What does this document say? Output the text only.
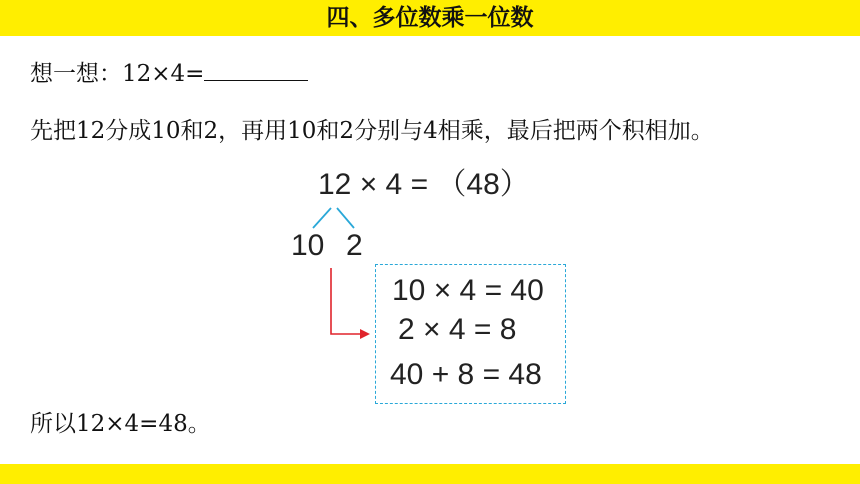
四、多位数乘一位数
想一想：12×4=
先把12分成10和2，再用10和2分别与4相乘，最后把两个积相加。
12 × 4 = （48）
10 2
10 × 4 = 40
2 × 4 = 8
40 + 8 = 48
所以12×4=48。
